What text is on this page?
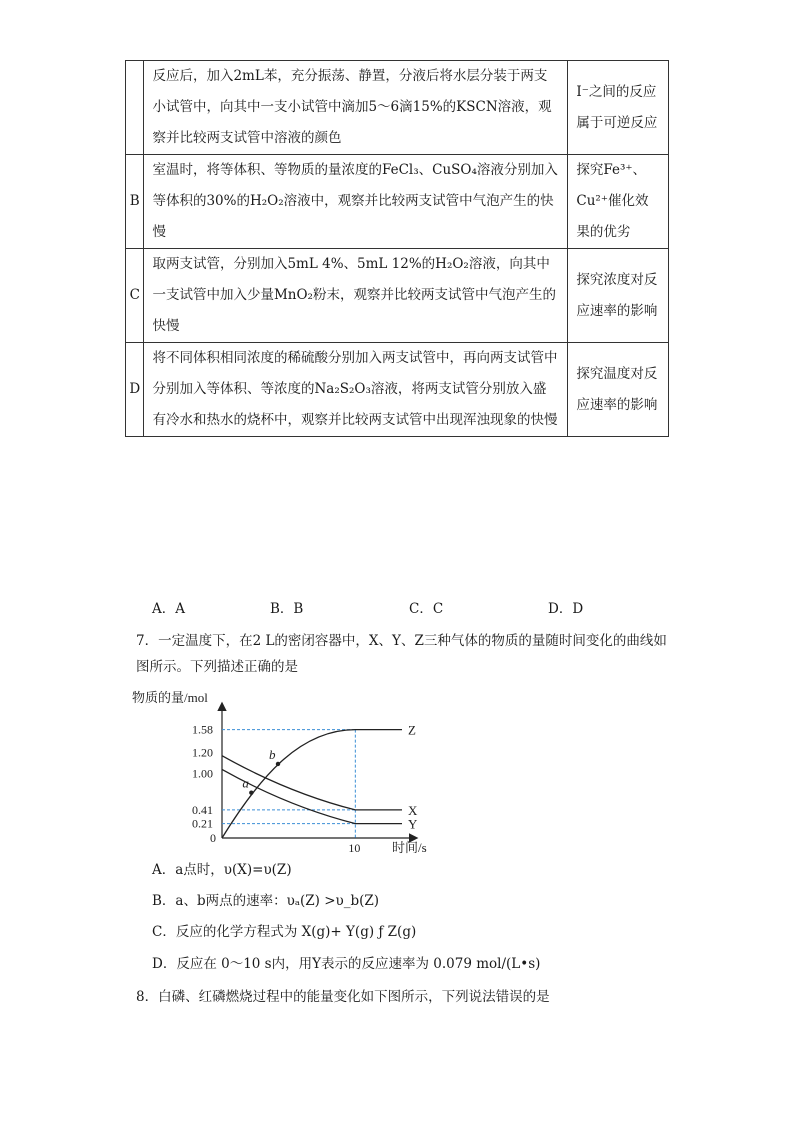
	反应后，加入2mL苯，充分振荡、静置，分液后将水层分装于两支小试管中，向其中一支小试管中滴加5～6滴15%的KSCN溶液，观察并比较两支试管中溶液的颜色	I⁻之间的反应属于可逆反应
B	室温时，将等体积、等物质的量浓度的FeCl₃、CuSO₄溶液分别加入等体积的30%的H₂O₂溶液中，观察并比较两支试管中气泡产生的快慢	探究Fe³⁺、Cu²⁺催化效果的优劣
C	取两支试管，分别加入5mL 4%、5mL 12%的H₂O₂溶液，向其中一支试管中加入少量MnO₂粉末，观察并比较两支试管中气泡产生的快慢	探究浓度对反应速率的影响
D	将不同体积相同浓度的稀硫酸分别加入两支试管中，再向两支试管中分别加入等体积、等浓度的Na₂S₂O₃溶液，将两支试管分别放入盛有冷水和热水的烧杯中，观察并比较两支试管中出现浑浊现象的快慢	探究温度对反应速率的影响
A．A	B．B	C．C	D．D
7．一定温度下，在2 L的密闭容器中，X、Y、Z三种气体的物质的量随时间变化的曲线如图所示。下列描述正确的是
物质的量/mol
时间/s
0
10
1.58
1.20
1.00
0.41
0.21
Z
X
Y
a
b
A．a点时，υ(X)=υ(Z)
B．a、b两点的速率：υₐ(Z) >υ_b(Z)
C．反应的化学方程式为 X(g)+ Y(g) ƒ Z(g)
D．反应在 0～10 s内，用Y表示的反应速率为 0.079 mol/(L•s)
8．白磷、红磷燃烧过程中的能量变化如下图所示，下列说法错误的是
